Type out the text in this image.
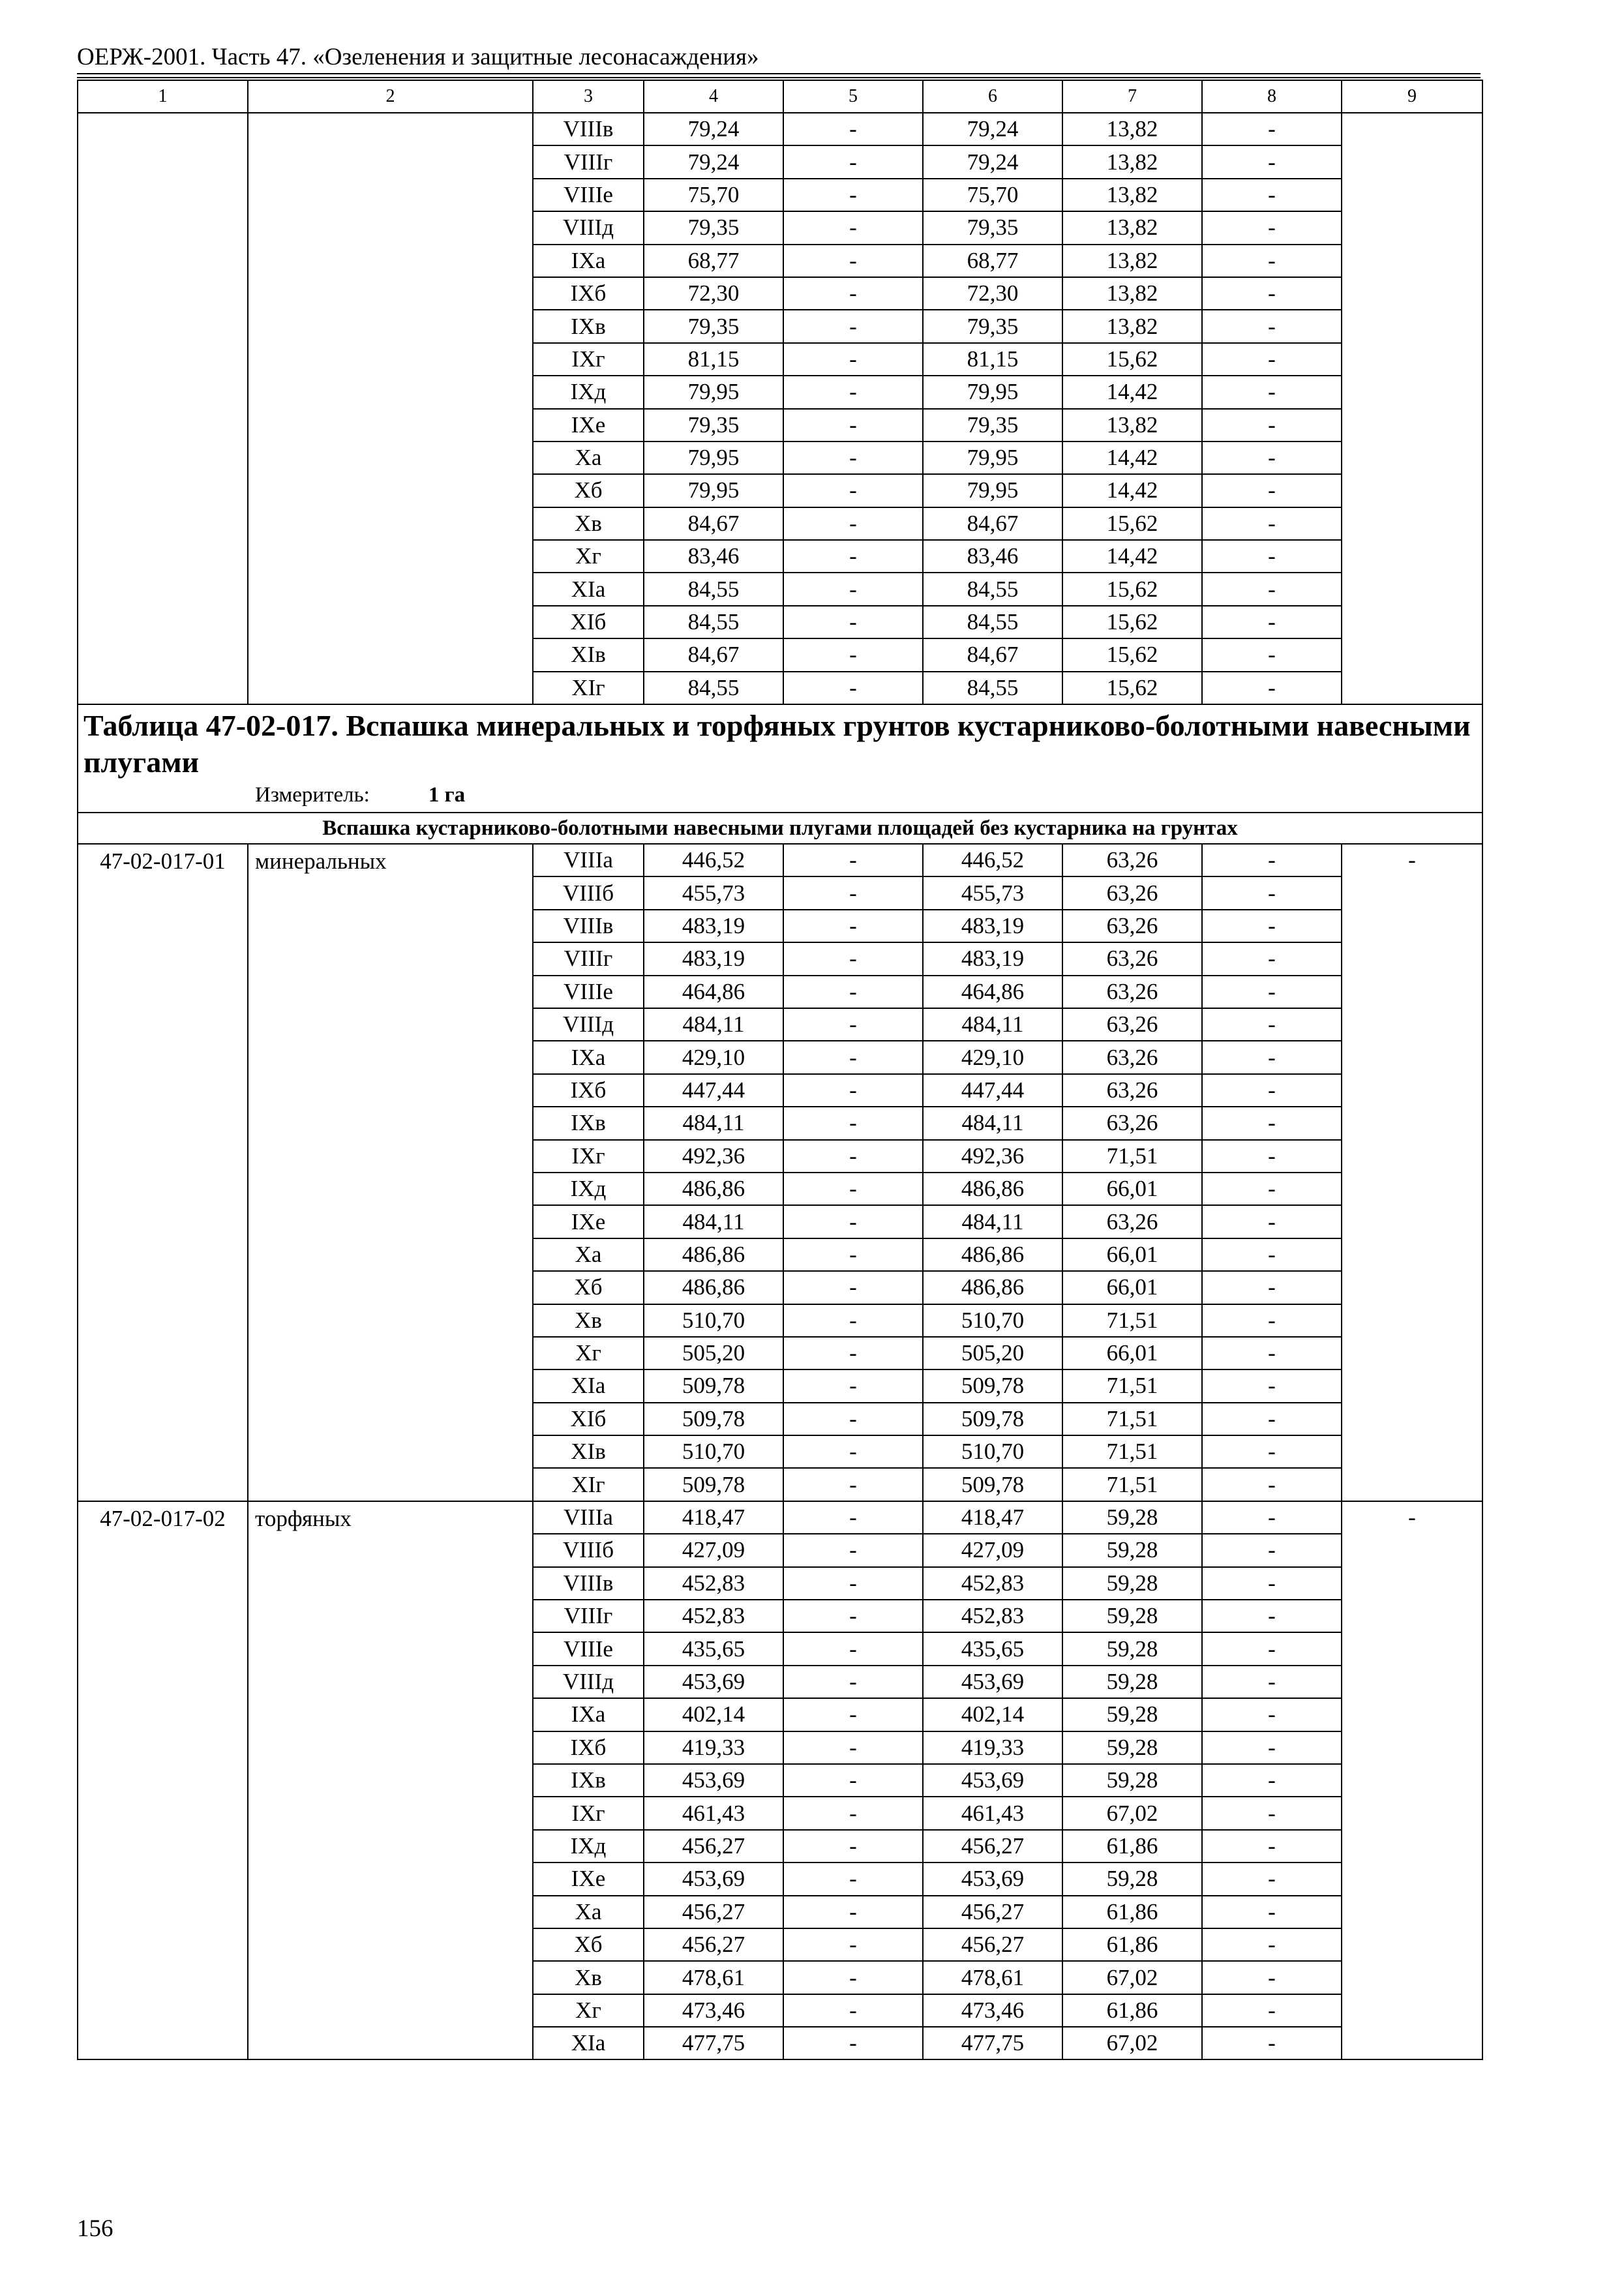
ОЕРЖ-2001. Часть 47. «Озеленения и защитные лесонасаждения»
1	2	3	4	5	6	7	8	9
		VIIIв	79,24	-	79,24	13,82	-	
		VIIIг	79,24	-	79,24	13,82	-	
		VIIIе	75,70	-	75,70	13,82	-	
		VIIIд	79,35	-	79,35	13,82	-	
		IXа	68,77	-	68,77	13,82	-	
		IXб	72,30	-	72,30	13,82	-	
		IXв	79,35	-	79,35	13,82	-	
		IXг	81,15	-	81,15	15,62	-	
		IXд	79,95	-	79,95	14,42	-	
		IXе	79,35	-	79,35	13,82	-	
		Xа	79,95	-	79,95	14,42	-	
		Xб	79,95	-	79,95	14,42	-	
		Xв	84,67	-	84,67	15,62	-	
		Xг	83,46	-	83,46	14,42	-	
		XIа	84,55	-	84,55	15,62	-	
		XIб	84,55	-	84,55	15,62	-	
		XIв	84,67	-	84,67	15,62	-	
		XIг	84,55	-	84,55	15,62	-	

Таблица 47-02-017. Вспашка минеральных и торфяных грунтов кустарниково-болотными навесными плугами
Измеритель: 1 га								

Вспашка кустарниково-болотными навесными плугами площадей без кустарника на грунтах								
47-02-017-01	минеральных	VIIIа	446,52	-	446,52	63,26	-	-
		VIIIб	455,73	-	455,73	63,26	-	
		VIIIв	483,19	-	483,19	63,26	-	
		VIIIг	483,19	-	483,19	63,26	-	
		VIIIе	464,86	-	464,86	63,26	-	
		VIIIд	484,11	-	484,11	63,26	-	
		IXа	429,10	-	429,10	63,26	-	
		IXб	447,44	-	447,44	63,26	-	
		IXв	484,11	-	484,11	63,26	-	
		IXг	492,36	-	492,36	71,51	-	
		IXд	486,86	-	486,86	66,01	-	
		IXе	484,11	-	484,11	63,26	-	
		Xа	486,86	-	486,86	66,01	-	
		Xб	486,86	-	486,86	66,01	-	
		Xв	510,70	-	510,70	71,51	-	
		Xг	505,20	-	505,20	66,01	-	
		XIа	509,78	-	509,78	71,51	-	
		XIб	509,78	-	509,78	71,51	-	
		XIв	510,70	-	510,70	71,51	-	
		XIг	509,78	-	509,78	71,51	-	
47-02-017-02	торфяных	VIIIа	418,47	-	418,47	59,28	-	-
		VIIIб	427,09	-	427,09	59,28	-	
		VIIIв	452,83	-	452,83	59,28	-	
		VIIIг	452,83	-	452,83	59,28	-	
		VIIIе	435,65	-	435,65	59,28	-	
		VIIIд	453,69	-	453,69	59,28	-	
		IXа	402,14	-	402,14	59,28	-	
		IXб	419,33	-	419,33	59,28	-	
		IXв	453,69	-	453,69	59,28	-	
		IXг	461,43	-	461,43	67,02	-	
		IXд	456,27	-	456,27	61,86	-	
		IXе	453,69	-	453,69	59,28	-	
		Xа	456,27	-	456,27	61,86	-	
		Xб	456,27	-	456,27	61,86	-	
		Xв	478,61	-	478,61	67,02	-	
		Xг	473,46	-	473,46	61,86	-	
		XIа	477,75	-	477,75	67,02	-	
156
